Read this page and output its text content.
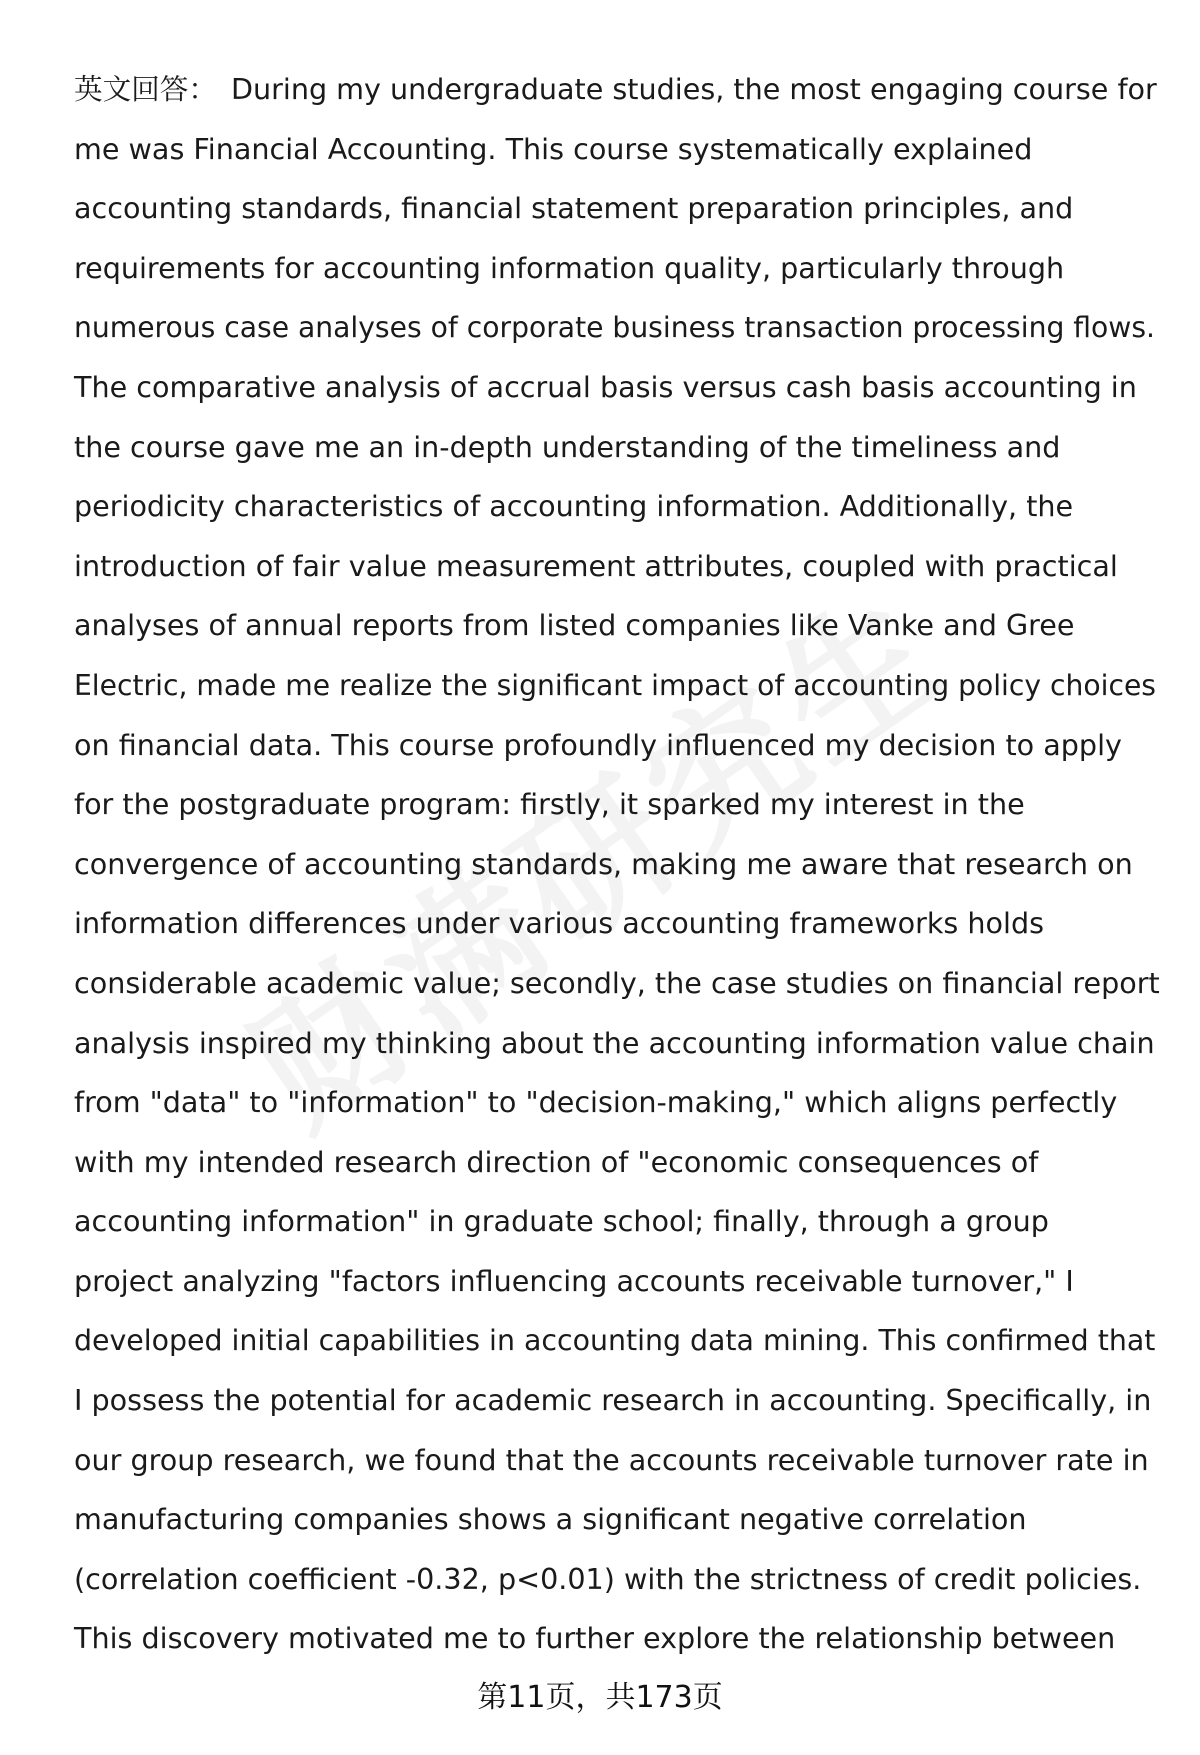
英文回答： During my undergraduate studies, the most engaging course for
me was Financial Accounting. This course systematically explained
accounting standards, financial statement preparation principles, and
requirements for accounting information quality, particularly through
numerous case analyses of corporate business transaction processing flows.
The comparative analysis of accrual basis versus cash basis accounting in
the course gave me an in-depth understanding of the timeliness and
periodicity characteristics of accounting information. Additionally, the
introduction of fair value measurement attributes, coupled with practical
analyses of annual reports from listed companies like Vanke and Gree
Electric, made me realize the significant impact of accounting policy choices
on financial data. This course profoundly influenced my decision to apply
for the postgraduate program: firstly, it sparked my interest in the
convergence of accounting standards, making me aware that research on
information differences under various accounting frameworks holds
considerable academic value; secondly, the case studies on financial report
analysis inspired my thinking about the accounting information value chain
from "data" to "information" to "decision-making," which aligns perfectly
with my intended research direction of "economic consequences of
accounting information" in graduate school; finally, through a group
project analyzing "factors influencing accounts receivable turnover," I
developed initial capabilities in accounting data mining. This confirmed that
I possess the potential for academic research in accounting. Specifically, in
our group research, we found that the accounts receivable turnover rate in
manufacturing companies shows a significant negative correlation
(correlation coefficient -0.32, p<0.01) with the strictness of credit policies.
This discovery motivated me to further explore the relationship between
第11页，共173页
